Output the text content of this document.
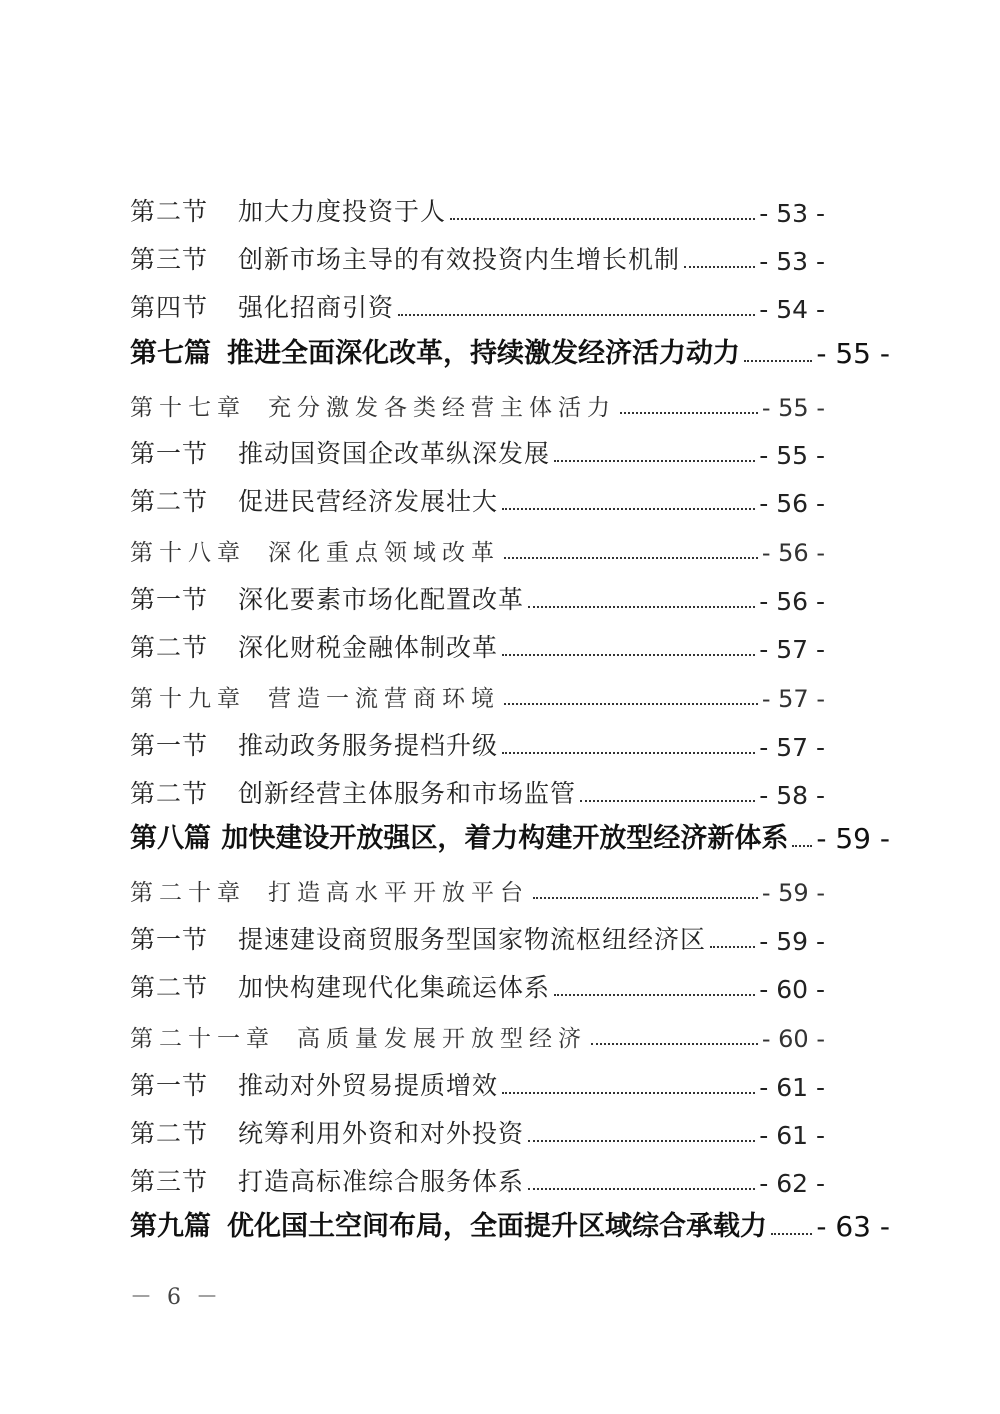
第二节 加大力度投资于人	- 53 -
第三节 创新市场主导的有效投资内生增长机制	- 53 -
第四节 强化招商引资	- 54 -
第七篇 推进全面深化改革，持续激发经济活力动力	- 55 -
第十七章 充分激发各类经营主体活力	- 55 -
第一节 推动国资国企改革纵深发展	- 55 -
第二节 促进民营经济发展壮大	- 56 -
第十八章 深化重点领域改革	- 56 -
第一节 深化要素市场化配置改革	- 56 -
第二节 深化财税金融体制改革	- 57 -
第十九章 营造一流营商环境	- 57 -
第一节 推动政务服务提档升级	- 57 -
第二节 创新经营主体服务和市场监管	- 58 -
第八篇 加快建设开放强区，着力构建开放型经济新体系 - 59 -
第二十章 打造高水平开放平台	- 59 -
第一节 提速建设商贸服务型国家物流枢纽经济区 - 59 -
第二节 加快构建现代化集疏运体系	- 60 -
第二十一章 高质量发展开放型经济	- 60 -
第一节 推动对外贸易提质增效	- 61 -
第二节 统筹利用外资和对外投资	- 61 -
第三节 打造高标准综合服务体系	- 62 -
第九篇 优化国土空间布局，全面提升区域综合承载力 - 63 -
－ 6 －
